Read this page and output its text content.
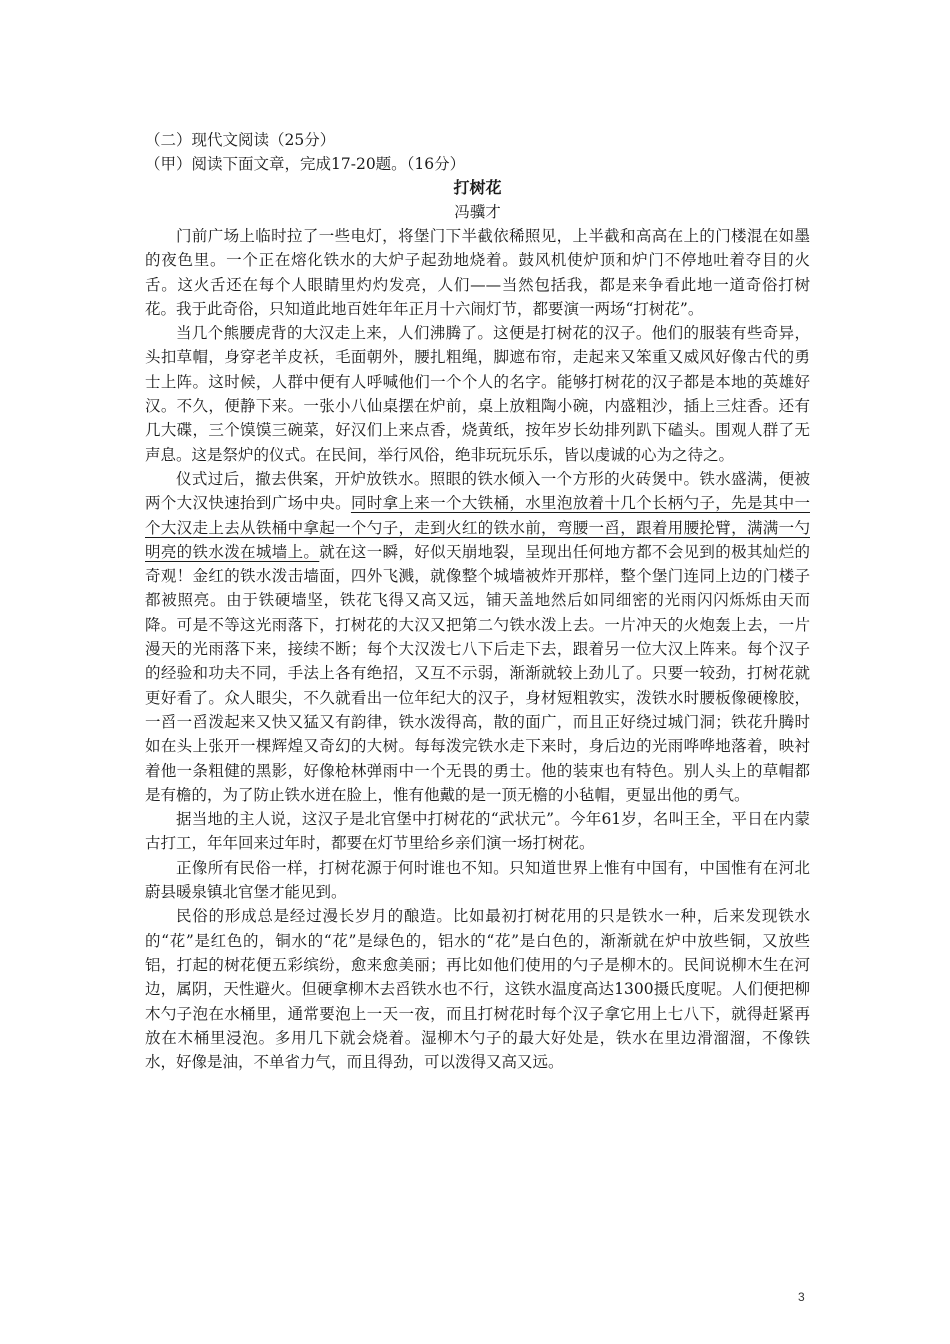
（二）现代文阅读（25分）
（甲）阅读下面文章，完成17-20题。（16分）
打树花
冯骥才

门前广场上临时拉了一些电灯，将堡门下半截依稀照见，上半截和高高在上的门楼混在如墨的夜色里。一个正在熔化铁水的大炉子起劲地烧着。鼓风机使炉顶和炉门不停地吐着夺目的火舌。这火舌还在每个人眼睛里灼灼发亮，人们——当然包括我，都是来争看此地一道奇俗打树花。我于此奇俗，只知道此地百姓年年正月十六闹灯节，都要演一两场“打树花”。

当几个熊腰虎背的大汉走上来，人们沸腾了。这便是打树花的汉子。他们的服装有些奇异，头扣草帽，身穿老羊皮袄，毛面朝外，腰扎粗绳，脚遮布帘，走起来又笨重又威风好像古代的勇士上阵。这时候，人群中便有人呼喊他们一个个人的名字。能够打树花的汉子都是本地的英雄好汉。不久，便静下来。一张小八仙桌摆在炉前，桌上放粗陶小碗，内盛粗沙，插上三炷香。还有几大碟，三个馍馍三碗菜，好汉们上来点香，烧黄纸，按年岁长幼排列趴下磕头。围观人群了无声息。这是祭炉的仪式。在民间，举行风俗，绝非玩玩乐乐，皆以虔诚的心为之待之。

仪式过后，撤去供案，开炉放铁水。照眼的铁水倾入一个方形的火砖煲中。铁水盛满，便被两个大汉快速抬到广场中央。同时拿上来一个大铁桶，水里泡放着十几个长柄勺子，先是其中一个大汉走上去从铁桶中拿起一个勺子，走到火红的铁水前，弯腰一舀，跟着用腰抡臂，满满一勺明亮的铁水泼在城墙上。就在这一瞬，好似天崩地裂，呈现出任何地方都不会见到的极其灿烂的奇观！金红的铁水泼击墙面，四外飞溅，就像整个城墙被炸开那样，整个堡门连同上边的门楼子都被照亮。由于铁硬墙坚，铁花飞得又高又远，铺天盖地然后如同细密的光雨闪闪烁烁由天而降。可是不等这光雨落下，打树花的大汉又把第二勺铁水泼上去。一片冲天的火炮轰上去，一片漫天的光雨落下来，接续不断；每个大汉泼七八下后走下去，跟着另一位大汉上阵来。每个汉子的经验和功夫不同，手法上各有绝招，又互不示弱，渐渐就较上劲儿了。只要一较劲，打树花就更好看了。众人眼尖，不久就看出一位年纪大的汉子，身材短粗敦实，泼铁水时腰板像硬橡胶，一舀一舀泼起来又快又猛又有韵律，铁水泼得高，散的面广，而且正好绕过城门洞；铁花升腾时如在头上张开一棵辉煌又奇幻的大树。每每泼完铁水走下来时，身后边的光雨哗哗地落着，映衬着他一条粗健的黑影，好像枪林弹雨中一个无畏的勇士。他的装束也有特色。别人头上的草帽都是有檐的，为了防止铁水迸在脸上，惟有他戴的是一顶无檐的小毡帽，更显出他的勇气。

据当地的主人说，这汉子是北官堡中打树花的“武状元”。今年61岁，名叫王全，平日在内蒙古打工，年年回来过年时，都要在灯节里给乡亲们演一场打树花。

正像所有民俗一样，打树花源于何时谁也不知。只知道世界上惟有中国有，中国惟有在河北蔚县暖泉镇北官堡才能见到。

民俗的形成总是经过漫长岁月的酿造。比如最初打树花用的只是铁水一种，后来发现铁水的“花”是红色的，铜水的“花”是绿色的，铝水的“花”是白色的，渐渐就在炉中放些铜，又放些铝，打起的树花便五彩缤纷，愈来愈美丽；再比如他们使用的勺子是柳木的。民间说柳木生在河边，属阴，天性避火。但硬拿柳木去舀铁水也不行，这铁水温度高达1300摄氏度呢。人们便把柳木勺子泡在水桶里，通常要泡上一天一夜，而且打树花时每个汉子拿它用上七八下，就得赶紧再放在木桶里浸泡。多用几下就会烧着。湿柳木勺子的最大好处是，铁水在里边滑溜溜，不像铁水，好像是油，不单省力气，而且得劲，可以泼得又高又远。

3
